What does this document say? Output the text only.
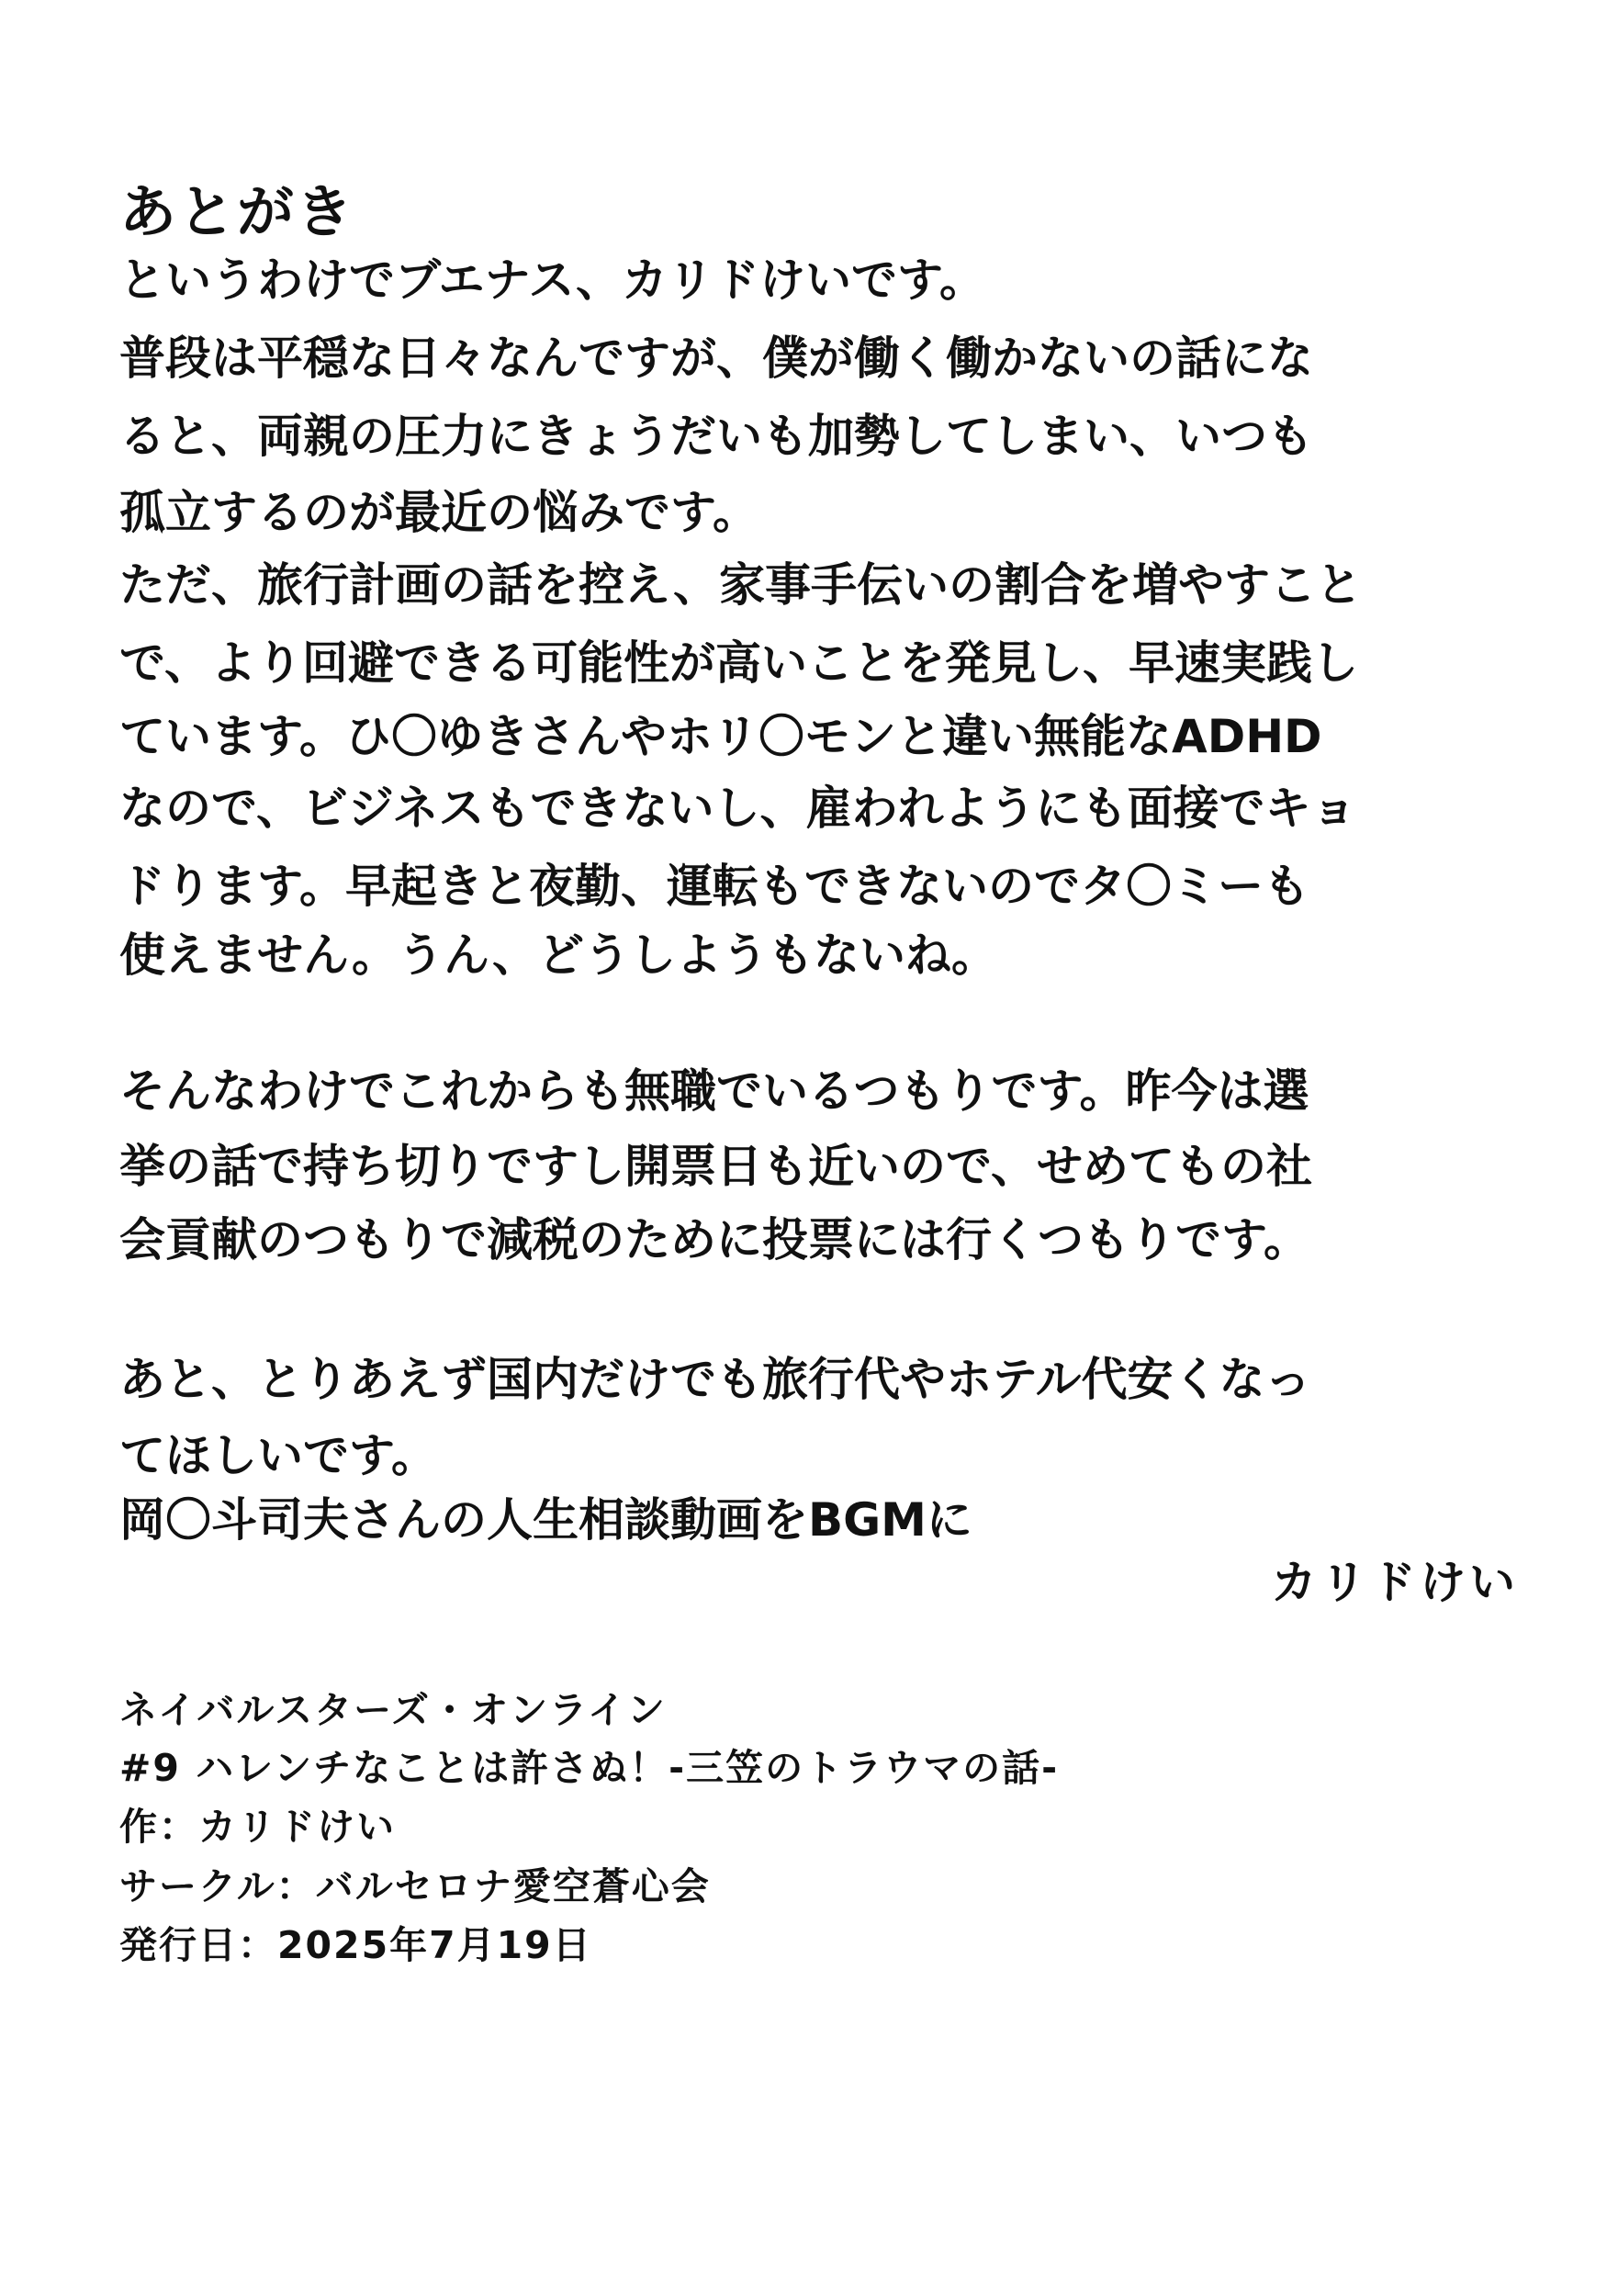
あとがき

というわけでブエナス、カリドけいです。

普段は平穏な日々なんですが、僕が働く働かないの話にな

ると、両親の圧力にきょうだいも加勢してしまい、いつも

孤立するのが最近の悩みです。

ただ、旅行計画の話を控え、家事手伝いの割合を増やすこと

で、より回避できる可能性が高いことを発見し、早速実践し

ています。ひ〇ゆきさんやホリ〇モンと違い無能なADHD

なので、ビジネスもできないし、雇われようにも面接でキョ

ドります。早起きと夜勤、運転もできないのでタ〇ミーも

使えません。うん、どうしようもないね。

そんなわけでこれからも無職でいるつもりです。昨今は選

挙の話で持ち切りですし開票日も近いので、せめてもの社

会貢献のつもりで減税のために投票には行くつもりです。

あと、とりあえず国内だけでも旅行代やホテル代安くなっ

てほしいです。

岡〇斗司夫さんの人生相談動画をBGMに

カリドけい

ネイバルスターズ・オンライン

#9 ハレンチなことは許さぬ！-三笠のトラウマの話-

作：カリドけい

サークル：バルセロナ愛空蒼心会

発行日：2025年7月19日
